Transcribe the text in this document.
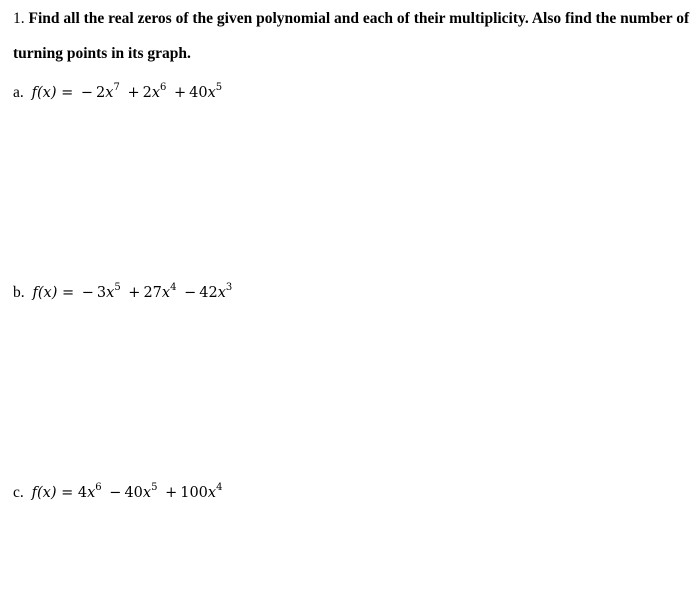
1. Find all the real zeros of the given polynomial and each of their multiplicity. Also find the number of
turning points in its graph.
a. f(x) = − $2x^7 + 2x^6 + 40x^5$
b. f(x) = − $3x^5 + 27x^4 - 42x^3$
c. $f(x) = 4x^6 - 40x^5 + 100x^4$
